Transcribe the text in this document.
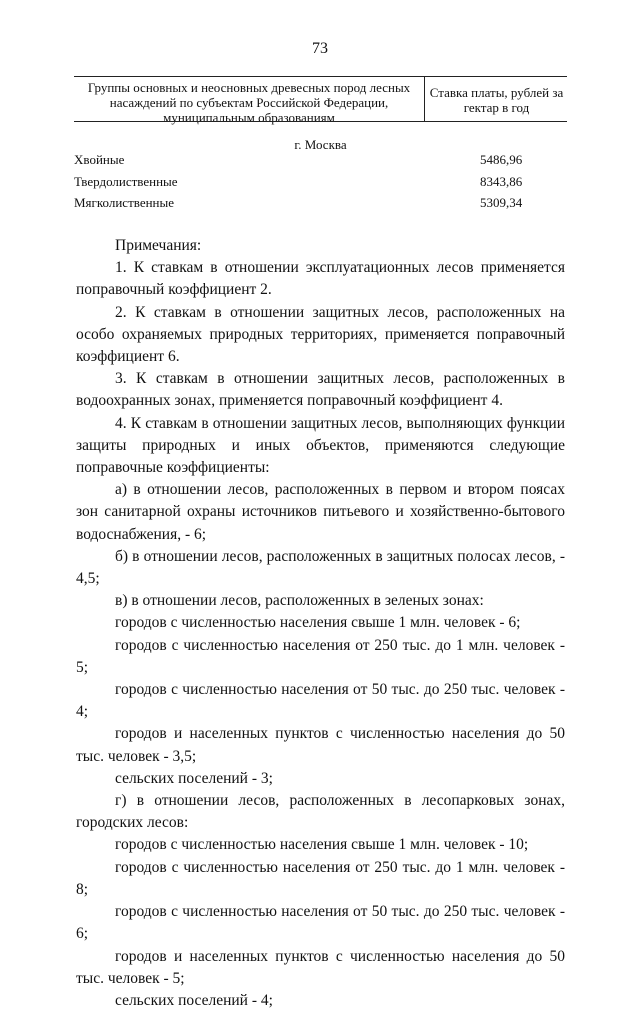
73
Группы основных и неосновных древесных пород лесных насаждений по субъектам Российской Федерации, муниципальным образованиям
Ставка платы, рублей за гектар в год
г. Москва
Хвойные	5486,96
Твердолиственные	8343,86
Мягколиственные	5309,34

Примечания:

1. К ставкам в отношении эксплуатационных лесов применяется поправочный коэффициент 2.

2. К ставкам в отношении защитных лесов, расположенных на особо охраняемых природных территориях, применяется поправочный коэффициент 6.

3. К ставкам в отношении защитных лесов, расположенных в водоохранных зонах, применяется поправочный коэффициент 4.

4. К ставкам в отношении защитных лесов, выполняющих функции защиты природных и иных объектов, применяются следующие поправочные коэффициенты:

а) в отношении лесов, расположенных в первом и втором поясах зон санитарной охраны источников питьевого и хозяйственно-бытового водоснабжения, - 6;

б) в отношении лесов, расположенных в защитных полосах лесов, - 4,5;

в) в отношении лесов, расположенных в зеленых зонах:

городов с численностью населения свыше 1 млн. человек - 6;

городов с численностью населения от 250 тыс. до 1 млн. человек - 5;

городов с численностью населения от 50 тыс. до 250 тыс. человек - 4;

городов и населенных пунктов с численностью населения до 50 тыс. человек - 3,5;

сельских поселений - 3;

г) в отношении лесов, расположенных в лесопарковых зонах, городских лесов:

городов с численностью населения свыше 1 млн. человек - 10;

городов с численностью населения от 250 тыс. до 1 млн. человек - 8;

городов с численностью населения от 50 тыс. до 250 тыс. человек - 6;

городов и населенных пунктов с численностью населения до 50 тыс. человек - 5;

сельских поселений - 4;
